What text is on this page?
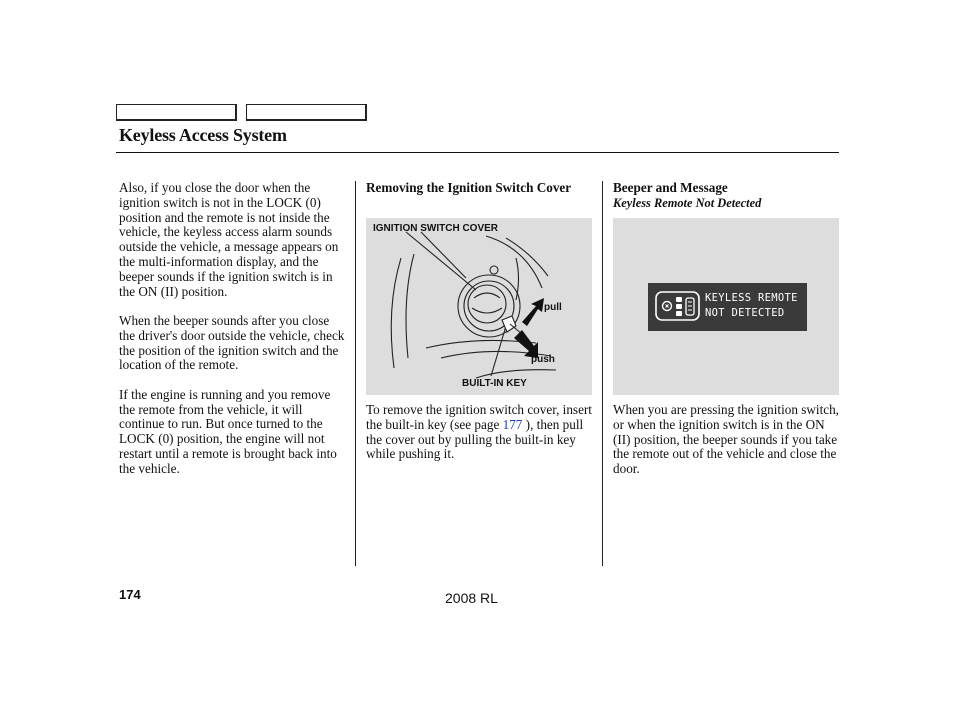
Keyless Access System

Also, if you close the door when the ignition switch is not in the LOCK (0) position and the remote is not inside the vehicle, the keyless access alarm sounds outside the vehicle, a message appears on the multi-information display, and the beeper sounds if the ignition switch is in the ON (II) position.

When the beeper sounds after you close the driver's door outside the vehicle, check the position of the ignition switch and the location of the remote.

If the engine is running and you remove the remote from the vehicle, it will continue to run. But once turned to the LOCK (0) position, the engine will not restart until a remote is brought back into the vehicle.

Removing the Ignition Switch Cover
IGNITION SWITCH COVER
pull
push
BUILT-IN KEY
To remove the ignition switch cover, insert the built-in key (see page 177 ), then pull the cover out by pulling the built-in key while pushing it.
Beeper and Message
Keyless Remote Not Detected
KEYLESS REMOTE
NOT DETECTED
When you are pressing the ignition switch, or when the ignition switch is in the ON (II) position, the beeper sounds if you take the remote out of the vehicle and close the door.
174	2008 RL
